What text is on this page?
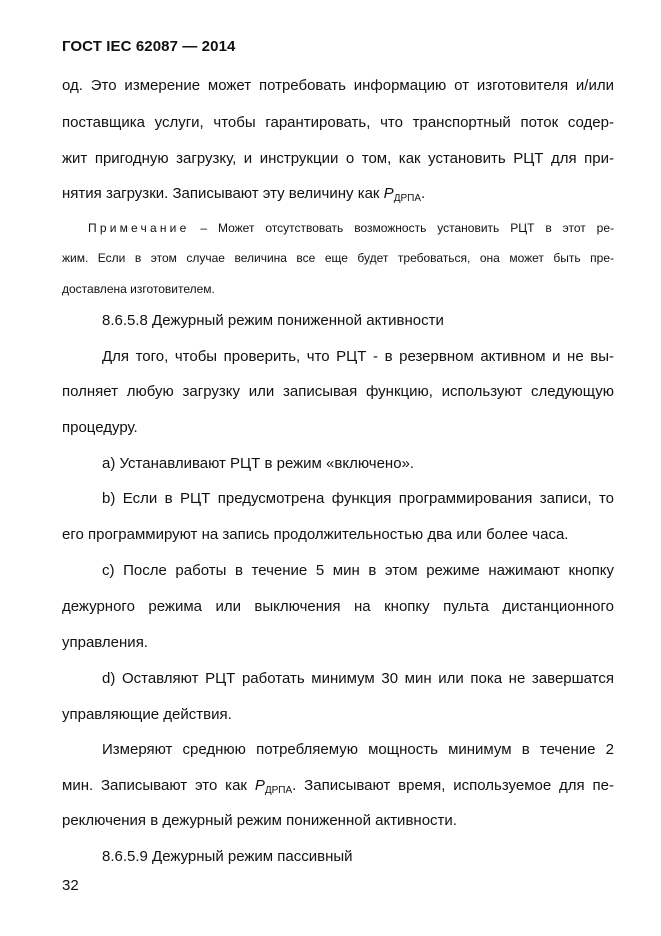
ГОСТ IEC 62087 — 2014
од. Это измерение может потребовать информацию от изготовителя и/или
поставщика услуги, чтобы гарантировать, что транспортный поток содер-
жит пригодную загрузку, и инструкции о том, как установить РЦТ для при-
нятия загрузки. Записывают эту величину как $P_{ДРПА}$.
Примечание – Может отсутствовать возможность установить РЦТ в этот ре-
жим. Если в этом случае величина все еще будет требоваться, она может быть пре-
доставлена изготовителем.
8.6.5.8 Дежурный режим пониженной активности
Для того, чтобы проверить, что РЦТ - в резервном активном и не вы-
полняет любую загрузку или записывая функцию, используют следующую
процедуру.
a) Устанавливают РЦТ в режим «включено».
b) Если в РЦТ предусмотрена функция программирования записи, то
его программируют на запись продолжительностью два или более часа.
c) После работы в течение 5 мин в этом режиме нажимают кнопку
дежурного режима или выключения на кнопку пульта дистанционного
управления.
d) Оставляют РЦТ работать минимум 30 мин или пока не завершатся
управляющие действия.
Измеряют среднюю потребляемую мощность минимум в течение 2
мин. Записывают это как $P_{ДРПА}$. Записывают время, используемое для пе-
реключения в дежурный режим пониженной активности.
8.6.5.9 Дежурный режим пассивный
32
